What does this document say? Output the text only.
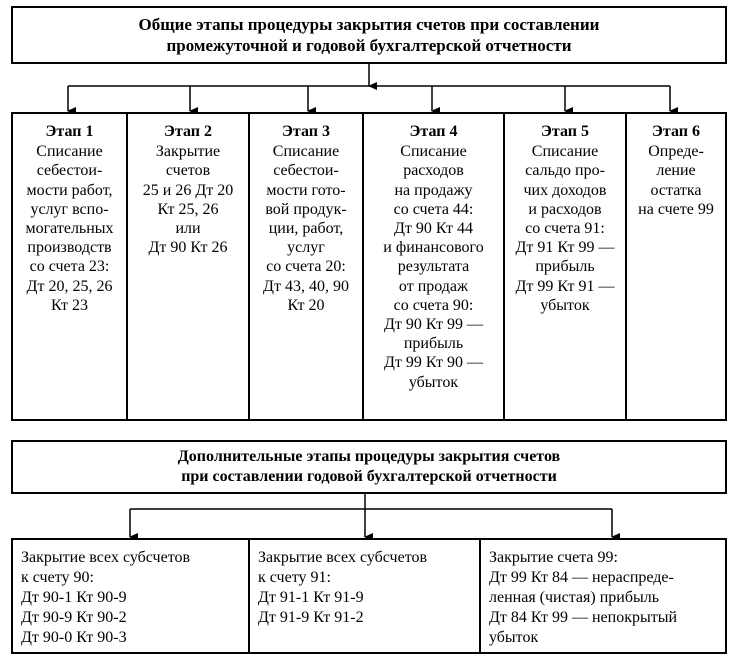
Общие этапы процедуры закрытия счетов при составлении
промежуточной и годовой бухгалтерской отчетности
Этап 1
Списание
себестои-
мости работ,
услуг вспо-
могательных
производств
со счета 23:
Дт 20, 25, 26
Кт 23
Этап 2
Закрытие
счетов
25 и 26 Дт 20
Кт 25, 26
или
Дт 90 Кт 26
Этап 3
Списание
себестои-
мости гото-
вой продук-
ции, работ,
услуг
со счета 20:
Дт 43, 40, 90
Кт 20
Этап 4
Списание
расходов
на продажу
со счета 44:
Дт 90 Кт 44
и финансового
результата
от продаж
со счета 90:
Дт 90 Кт 99 —
прибыль
Дт 99 Кт 90 —
убыток
Этап 5
Списание
сальдо про-
чих доходов
и расходов
со счета 91:
Дт 91 Кт 99 —
прибыль
Дт 99 Кт 91 —
убыток
Этап 6
Опреде-
ление
остатка
на счете 99
Дополнительные этапы процедуры закрытия счетов
при составлении годовой бухгалтерской отчетности
Закрытие всех субсчетов
к счету 90:
Дт 90-1 Кт 90-9
Дт 90-9 Кт 90-2
Дт 90-0 Кт 90-3
Закрытие всех субсчетов
к счету 91:
Дт 91-1 Кт 91-9
Дт 91-9 Кт 91-2
Закрытие счета 99:
Дт 99 Кт 84 — нераспреде-
ленная (чистая) прибыль
Дт 84 Кт 99 — непокрытый
убыток
